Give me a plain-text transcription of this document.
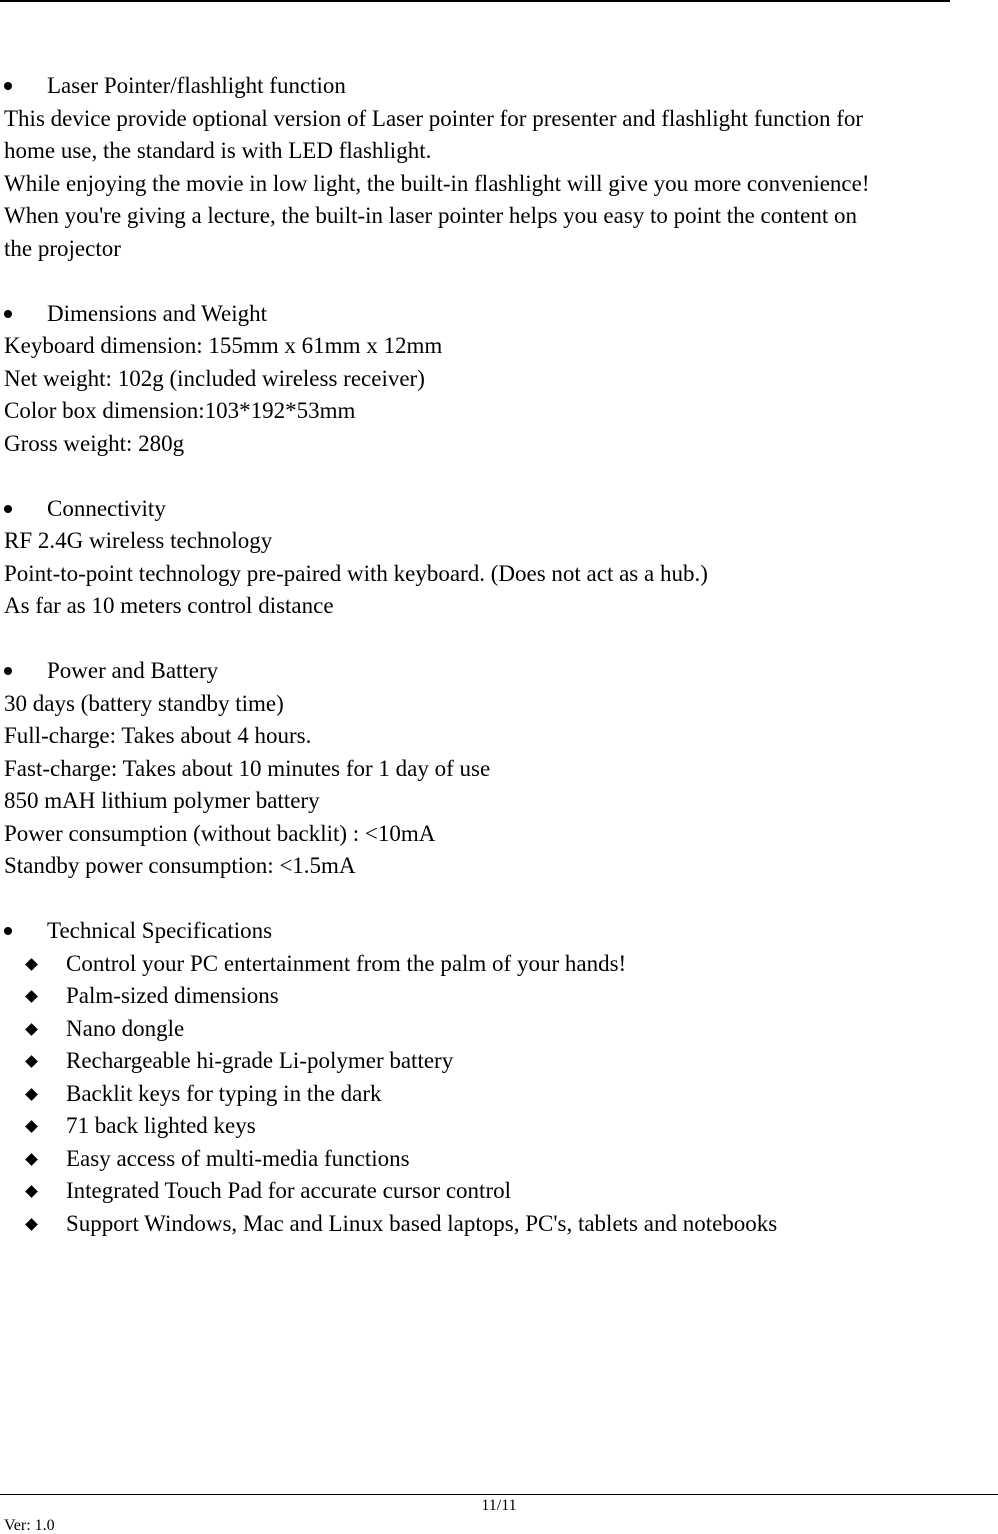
Laser Pointer/flashlight function
This device provide optional version of Laser pointer for presenter and flashlight function for
home use, the standard is with LED flashlight.
While enjoying the movie in low light, the built-in flashlight will give you more convenience!
When you're giving a lecture, the built-in laser pointer helps you easy to point the content on
the projector
Dimensions and Weight
Keyboard dimension: 155mm x 61mm x 12mm
Net weight: 102g (included wireless receiver)
Color box dimension:103*192*53mm
Gross weight: 280g
Connectivity
RF 2.4G wireless technology
Point-to-point technology pre-paired with keyboard. (Does not act as a hub.)
As far as 10 meters control distance
Power and Battery
30 days (battery standby time)
Full-charge: Takes about 4 hours.
Fast-charge: Takes about 10 minutes for 1 day of use
850 mAH lithium polymer battery
Power consumption (without backlit) : <10mA
Standby power consumption: <1.5mA
Technical Specifications
Control your PC entertainment from the palm of your hands!
Palm-sized dimensions
Nano dongle
Rechargeable hi-grade Li-polymer battery
Backlit keys for typing in the dark
71 back lighted keys
Easy access of multi-media functions
Integrated Touch Pad for accurate cursor control
Support Windows, Mac and Linux based laptops, PC's, tablets and notebooks
11/11
Ver: 1.0
